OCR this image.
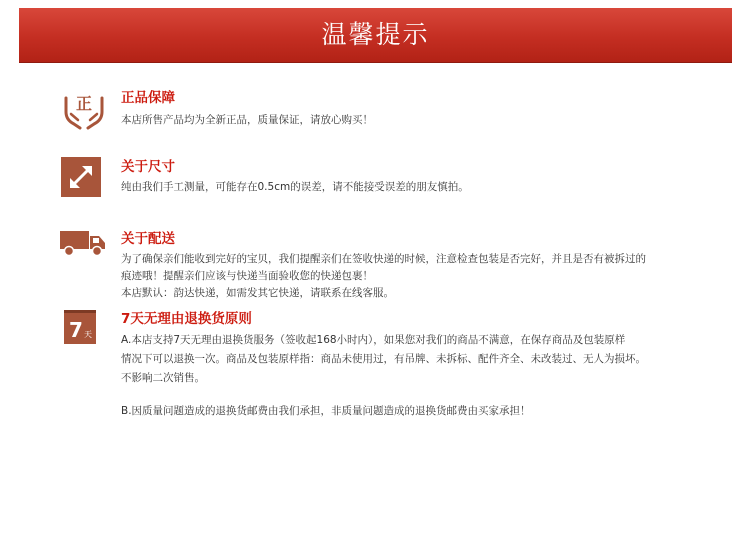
温馨提示
正 正品保障
本店所售产品均为全新正品，质量保证，请放心购买！
关于尺寸
纯由我们手工测量，可能存在0.5cm的误差，请不能接受误差的朋友慎拍。
关于配送
为了确保亲们能收到完好的宝贝，我们提醒亲们在签收快递的时候，注意检查包装是否完好，并且是否有被拆过的
痕迹哦！提醒亲们应该与快递当面验收您的快递包裹！
本店默认：韵达快递，如需发其它快递，请联系在线客服。
7 天
7天无理由退换货原则
A.本店支持7天无理由退换货服务（签收起168小时内），如果您对我们的商品不满意，在保存商品及包装原样
情况下可以退换一次。商品及包装原样指：商品未使用过，有吊牌、未拆标、配件齐全、未改装过、无人为损坏。
不影响二次销售。
B.因质量问题造成的退换货邮费由我们承担，非质量问题造成的退换货邮费由买家承担！
